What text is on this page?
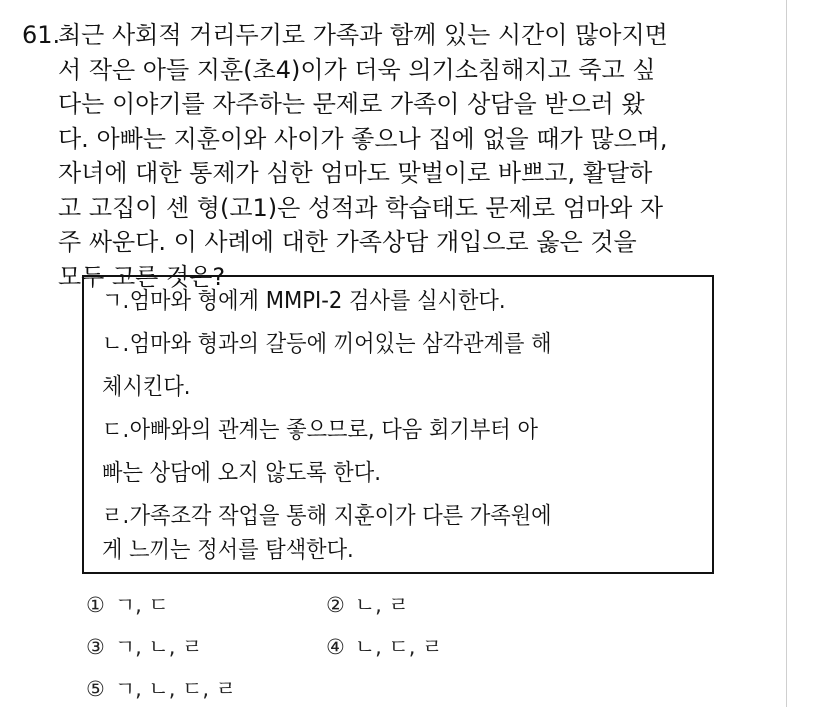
61.
최근 사회적 거리두기로 가족과 함께 있는 시간이 많아지면
서 작은 아들 지훈(초4)이가 더욱 의기소침해지고 죽고 싶
다는 이야기를 자주하는 문제로 가족이 상담을 받으러 왔
다. 아빠는 지훈이와 사이가 좋으나 집에 없을 때가 많으며,
자녀에 대한 통제가 심한 엄마도 맞벌이로 바쁘고, 활달하
고 고집이 센 형(고1)은 성적과 학습태도 문제로 엄마와 자
주 싸운다. 이 사례에 대한 가족상담 개입으로 옳은 것을
모두 고른 것은?
ㄱ.엄마와 형에게 MMPI-2 검사를 실시한다.
ㄴ.엄마와 형과의 갈등에 끼어있는 삼각관계를 해
체시킨다.
ㄷ.아빠와의 관계는 좋으므로, 다음 회기부터 아
빠는 상담에 오지 않도록 한다.
ㄹ.가족조각 작업을 통해 지훈이가 다른 가족원에
게 느끼는 정서를 탐색한다.
① ㄱ, ㄷ	② ㄴ, ㄹ
③ ㄱ, ㄴ, ㄹ	④ ㄴ, ㄷ, ㄹ
⑤ ㄱ, ㄴ, ㄷ, ㄹ
